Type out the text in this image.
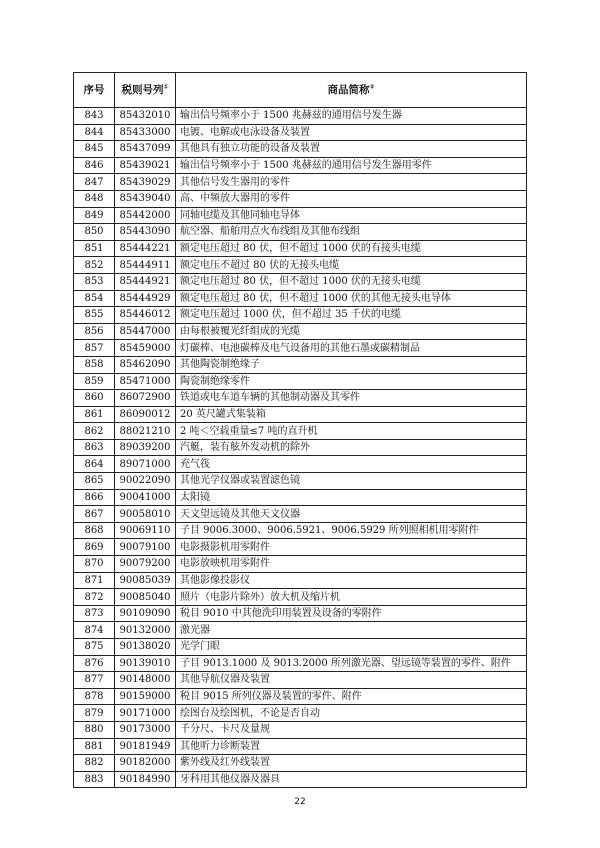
序号	税则号列①	商品简称②
843	85432010	输出信号频率小于 1500 兆赫兹的通用信号发生器
844	85433000	电镀、电解或电泳设备及装置
845	85437099	其他具有独立功能的设备及装置
846	85439021	输出信号频率小于 1500 兆赫兹的通用信号发生器用零件
847	85439029	其他信号发生器用的零件
848	85439040	高、中频放大器用的零件
849	85442000	同轴电缆及其他同轴电导体
850	85443090	航空器、船舶用点火布线组及其他布线组
851	85444221	额定电压超过 80 伏，但不超过 1000 伏的有接头电缆
852	85444911	额定电压不超过 80 伏的无接头电缆
853	85444921	额定电压超过 80 伏，但不超过 1000 伏的无接头电缆
854	85444929	额定电压超过 80 伏，但不超过 1000 伏的其他无接头电导体
855	85446012	额定电压超过 1000 伏，但不超过 35 千伏的电缆
856	85447000	由每根被覆光纤组成的光缆
857	85459000	灯碳棒、电池碳棒及电气设备用的其他石墨或碳精制品
858	85462090	其他陶瓷制绝缘子
859	85471000	陶瓷制绝缘零件
860	86072900	铁道或电车道车辆的其他制动器及其零件
861	86090012	20 英尺罐式集装箱
862	88021210	2 吨＜空载重量≤7 吨的直升机
863	89039200	汽艇，装有舷外发动机的除外
864	89071000	充气筏
865	90022090	其他光学仪器或装置滤色镜
866	90041000	太阳镜
867	90058010	天文望远镜及其他天文仪器
868	90069110	子目 9006.3000、9006.5921、9006.5929 所列照相机用零附件
869	90079100	电影摄影机用零附件
870	90079200	电影放映机用零附件
871	90085039	其他影像投影仪
872	90085040	照片（电影片除外）放大机及缩片机
873	90109090	税目 9010 中其他洗印用装置及设备的零附件
874	90132000	激光器
875	90138020	光学门眼
876	90139010	子目 9013.1000 及 9013.2000 所列激光器、望远镜等装置的零件、附件
877	90148000	其他导航仪器及装置
878	90159000	税目 9015 所列仪器及装置的零件、附件
879	90171000	绘图台及绘图机，不论是否自动
880	90173000	千分尺、卡尺及量规
881	90181949	其他听力诊断装置
882	90182000	紫外线及红外线装置
883	90184990	牙科用其他仪器及器具
22
